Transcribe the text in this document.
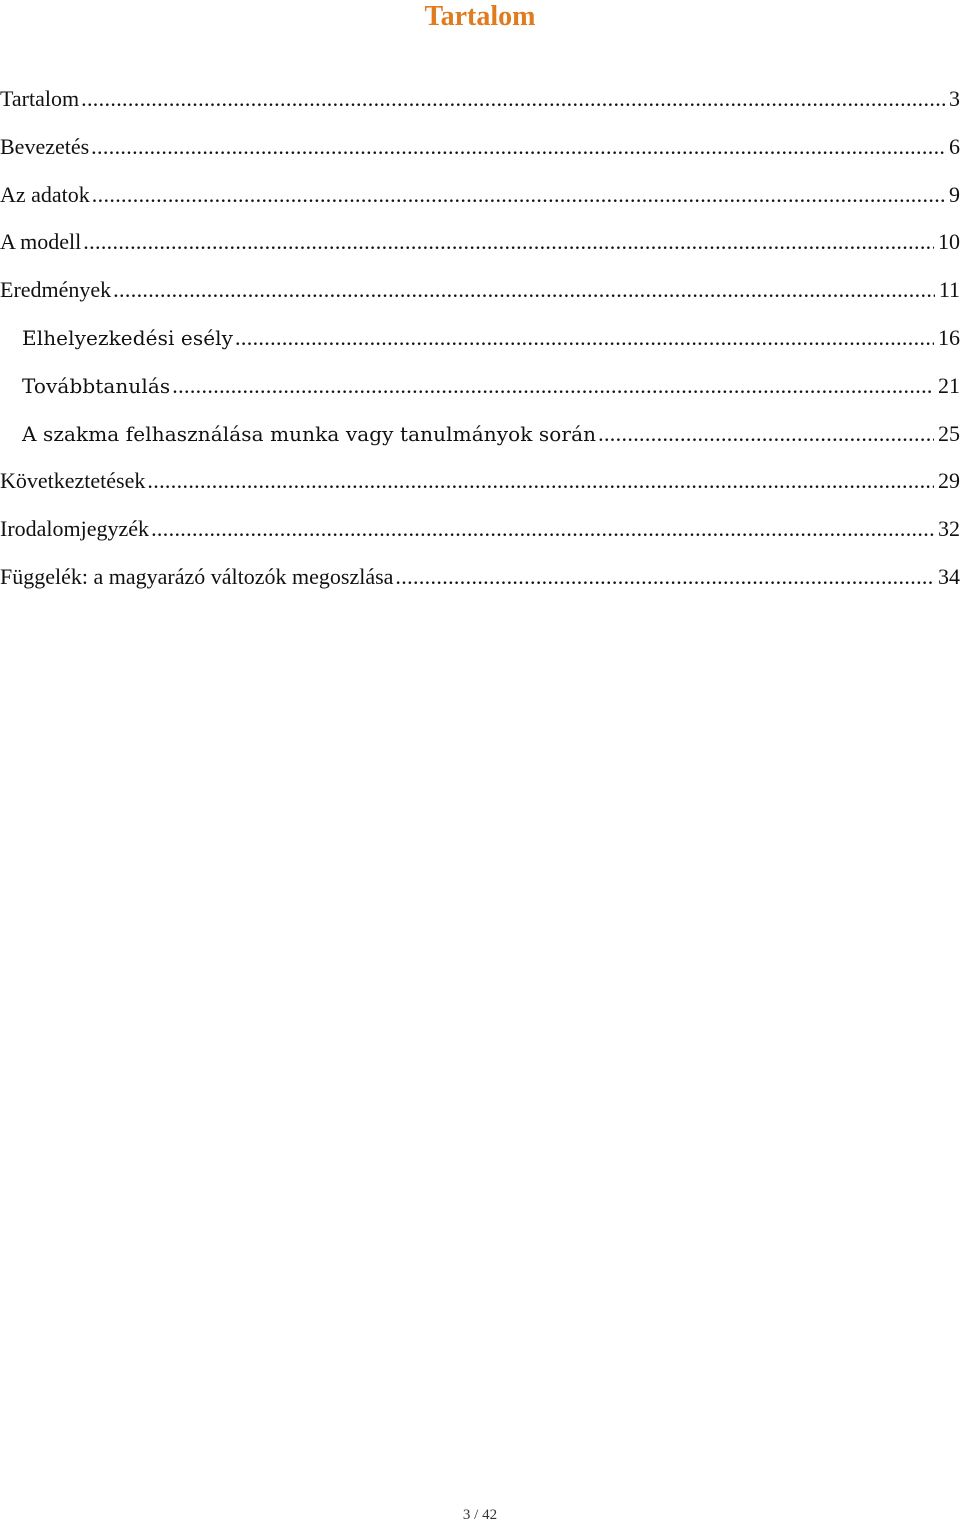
Tartalom
Tartalom .....	3
Bevezetés .....	6
Az adatok .....	9
A modell .....	10
Eredmények .....	11
Elhelyezkedési esély .....	16
Továbbtanulás .....	21
A szakma felhasználása munka vagy tanulmányok során .....	25
Következtetések .....	29
Irodalomjegyzék .....	32
Függelék: a magyarázó változók megoszlása .....	34
3 / 42
